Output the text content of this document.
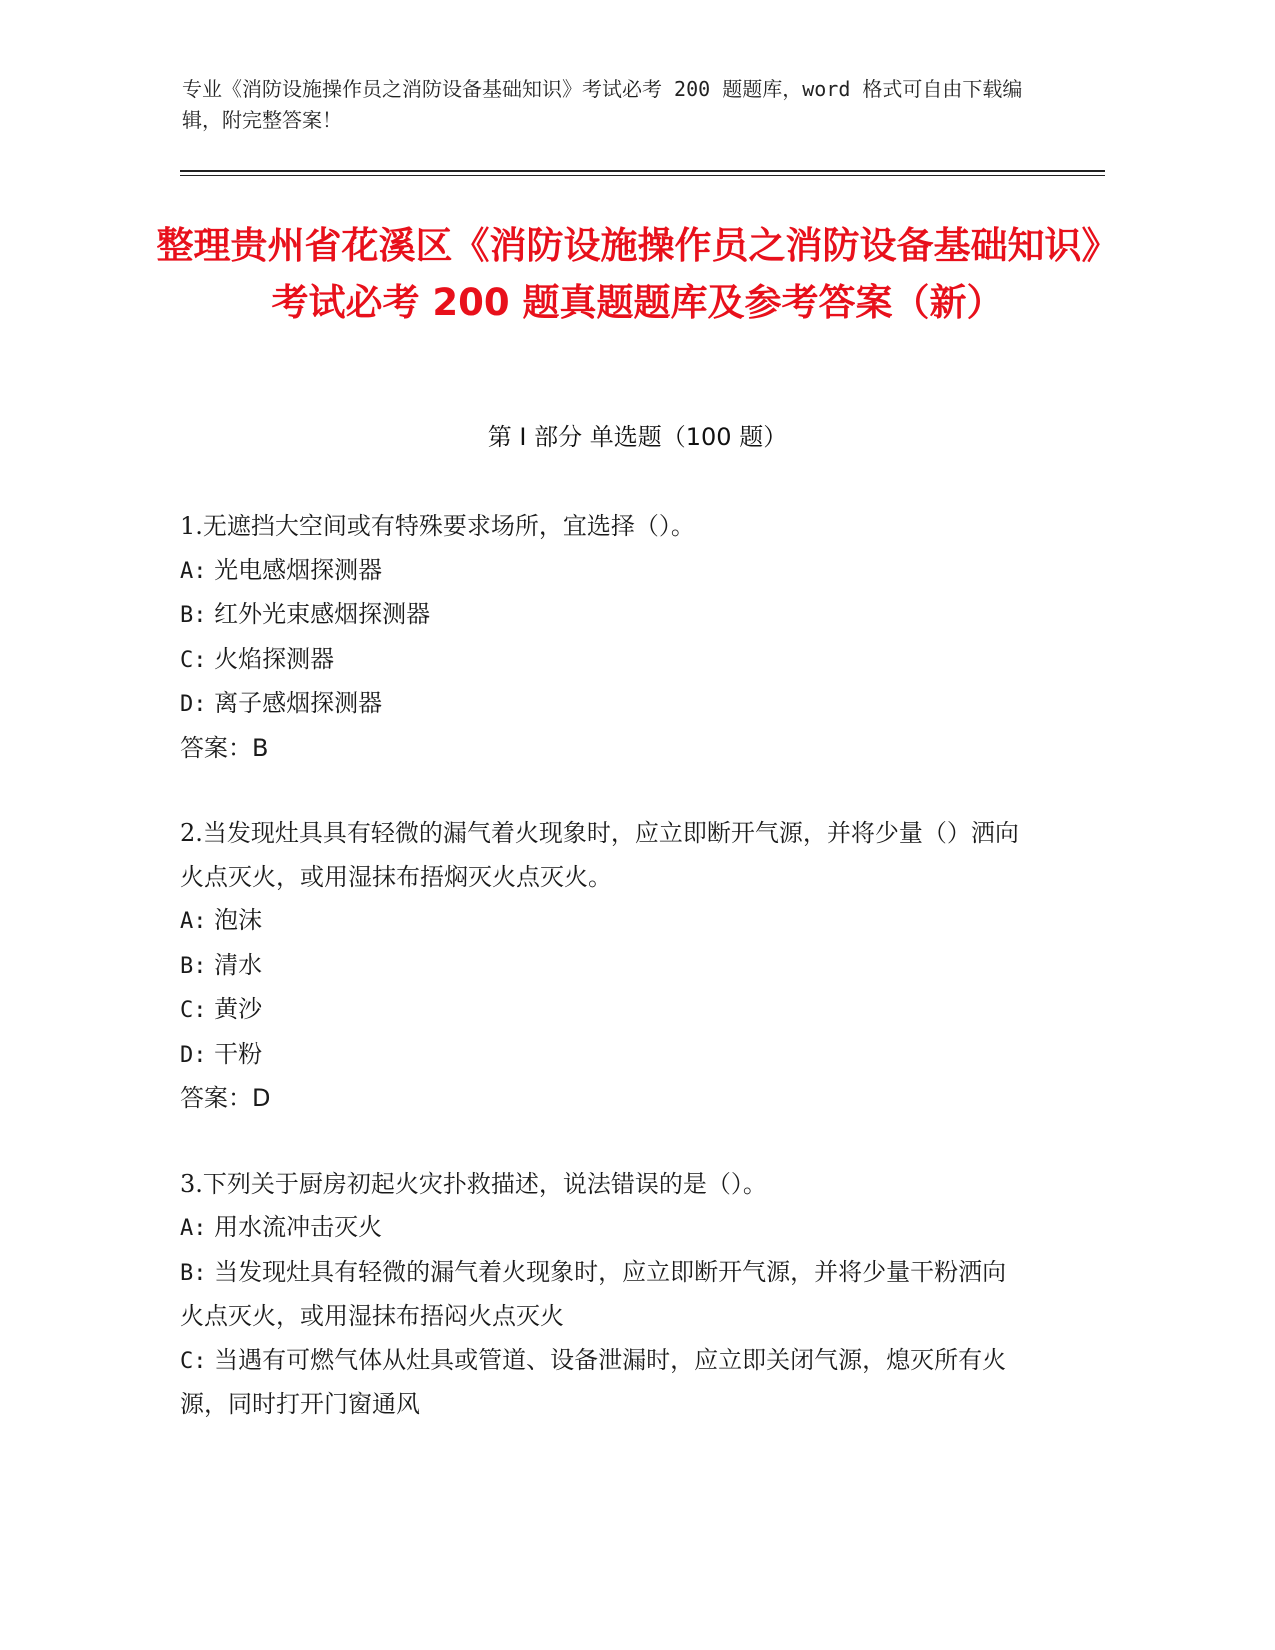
专业《消防设施操作员之消防设备基础知识》考试必考 200 题题库，word 格式可自由下载编辑，附完整答案！
整理贵州省花溪区《消防设施操作员之消防设备基础知识》考试必考 200 题真题题库及参考答案（新）
第 I 部分 单选题（100 题）

1.无遮挡大空间或有特殊要求场所，宜选择（）。

A: 光电感烟探测器

B: 红外光束感烟探测器

C: 火焰探测器

D: 离子感烟探测器

答案：B

2.当发现灶具具有轻微的漏气着火现象时，应立即断开气源，并将少量（）洒向火点灭火，或用湿抹布捂焖灭火点灭火。

A: 泡沫

B: 清水

C: 黄沙

D: 干粉

答案：D

3.下列关于厨房初起火灾扑救描述，说法错误的是（）。

A: 用水流冲击灭火

B: 当发现灶具有轻微的漏气着火现象时，应立即断开气源，并将少量干粉洒向火点灭火，或用湿抹布捂闷火点灭火

C: 当遇有可燃气体从灶具或管道、设备泄漏时，应立即关闭气源，熄灭所有火源，同时打开门窗通风
